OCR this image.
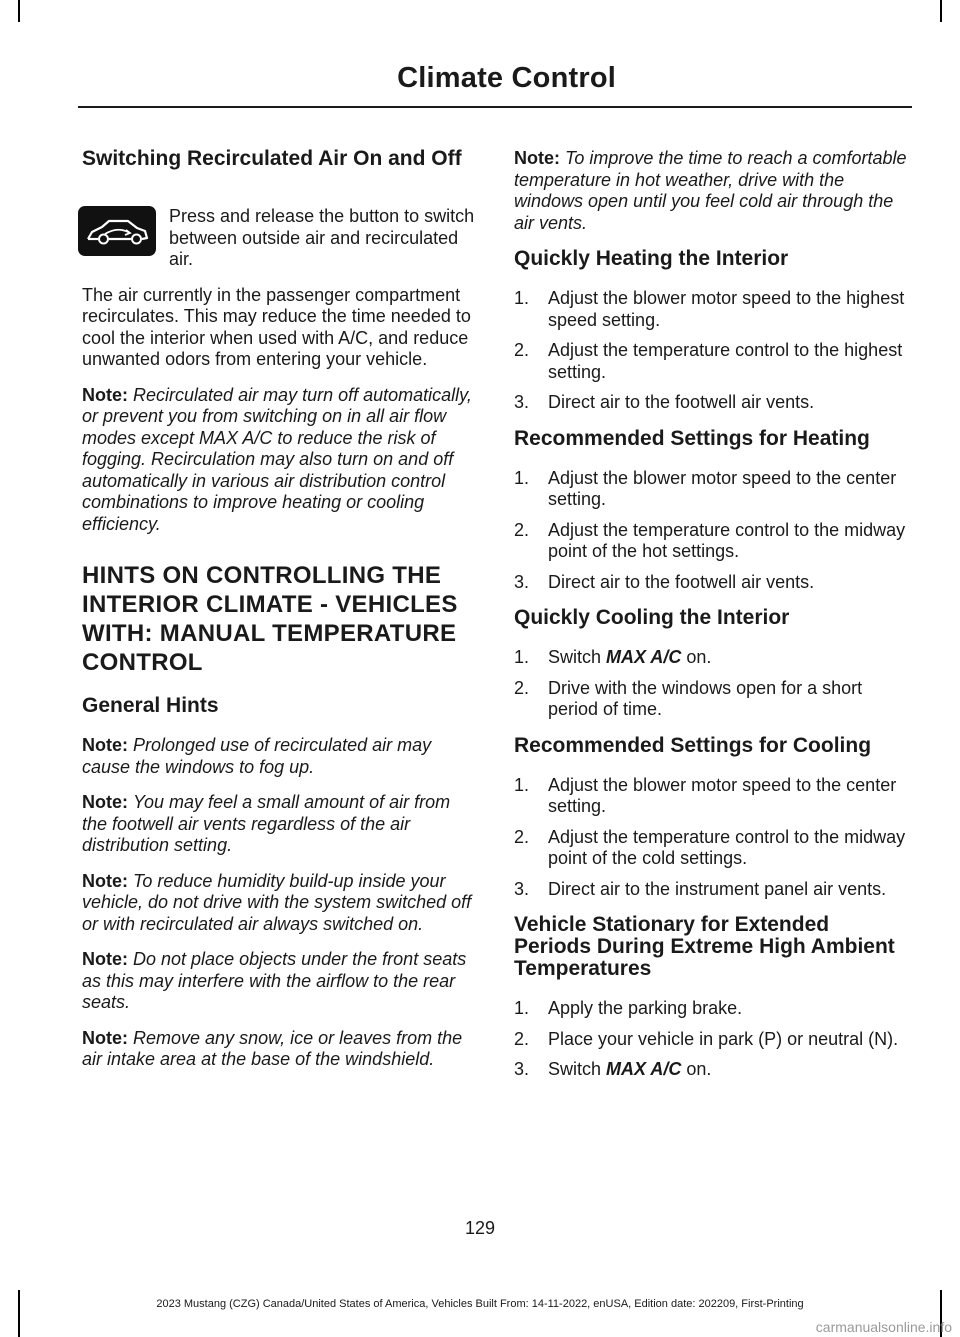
Climate Control
Switching Recirculated Air On and Off

Press and release the button to switch between outside air and recirculated air.

The air currently in the passenger compartment recirculates. This may reduce the time needed to cool the interior when used with A/C, and reduce unwanted odors from entering your vehicle.

Note: Recirculated air may turn off automatically, or prevent you from switching on in all air flow modes except MAX A/C to reduce the risk of fogging. Recirculation may also turn on and off automatically in various air distribution control combinations to improve heating or cooling efficiency.

HINTS ON CONTROLLING THE INTERIOR CLIMATE - VEHICLES WITH: MANUAL TEMPERATURE CONTROL
General Hints

Note: Prolonged use of recirculated air may cause the windows to fog up.

Note: You may feel a small amount of air from the footwell air vents regardless of the air distribution setting.

Note: To reduce humidity build-up inside your vehicle, do not drive with the system switched off or with recirculated air always switched on.

Note: Do not place objects under the front seats as this may interfere with the airflow to the rear seats.

Note: Remove any snow, ice or leaves from the air intake area at the base of the windshield.

Note: To improve the time to reach a comfortable temperature in hot weather, drive with the windows open until you feel cold air through the air vents.

Quickly Heating the Interior
1.	Adjust the blower motor speed to the highest speed setting.
2.	Adjust the temperature control to the highest setting.
3.	Direct air to the footwell air vents.
Recommended Settings for Heating
1.	Adjust the blower motor speed to the center setting.
2.	Adjust the temperature control to the midway point of the hot settings.
3.	Direct air to the footwell air vents.
Quickly Cooling the Interior
1.	Switch MAX A/C on.
2.	Drive with the windows open for a short period of time.
Recommended Settings for Cooling
1.	Adjust the blower motor speed to the center setting.
2.	Adjust the temperature control to the midway point of the cold settings.
3.	Direct air to the instrument panel air vents.
Vehicle Stationary for Extended Periods During Extreme High Ambient Temperatures
1.	Apply the parking brake.
2.	Place your vehicle in park (P) or neutral (N).
3.	Switch MAX A/C on.
129
2023 Mustang (CZG) Canada/United States of America, Vehicles Built From: 14-11-2022, enUSA, Edition date: 202209, First-Printing
carmanualsonline.info
